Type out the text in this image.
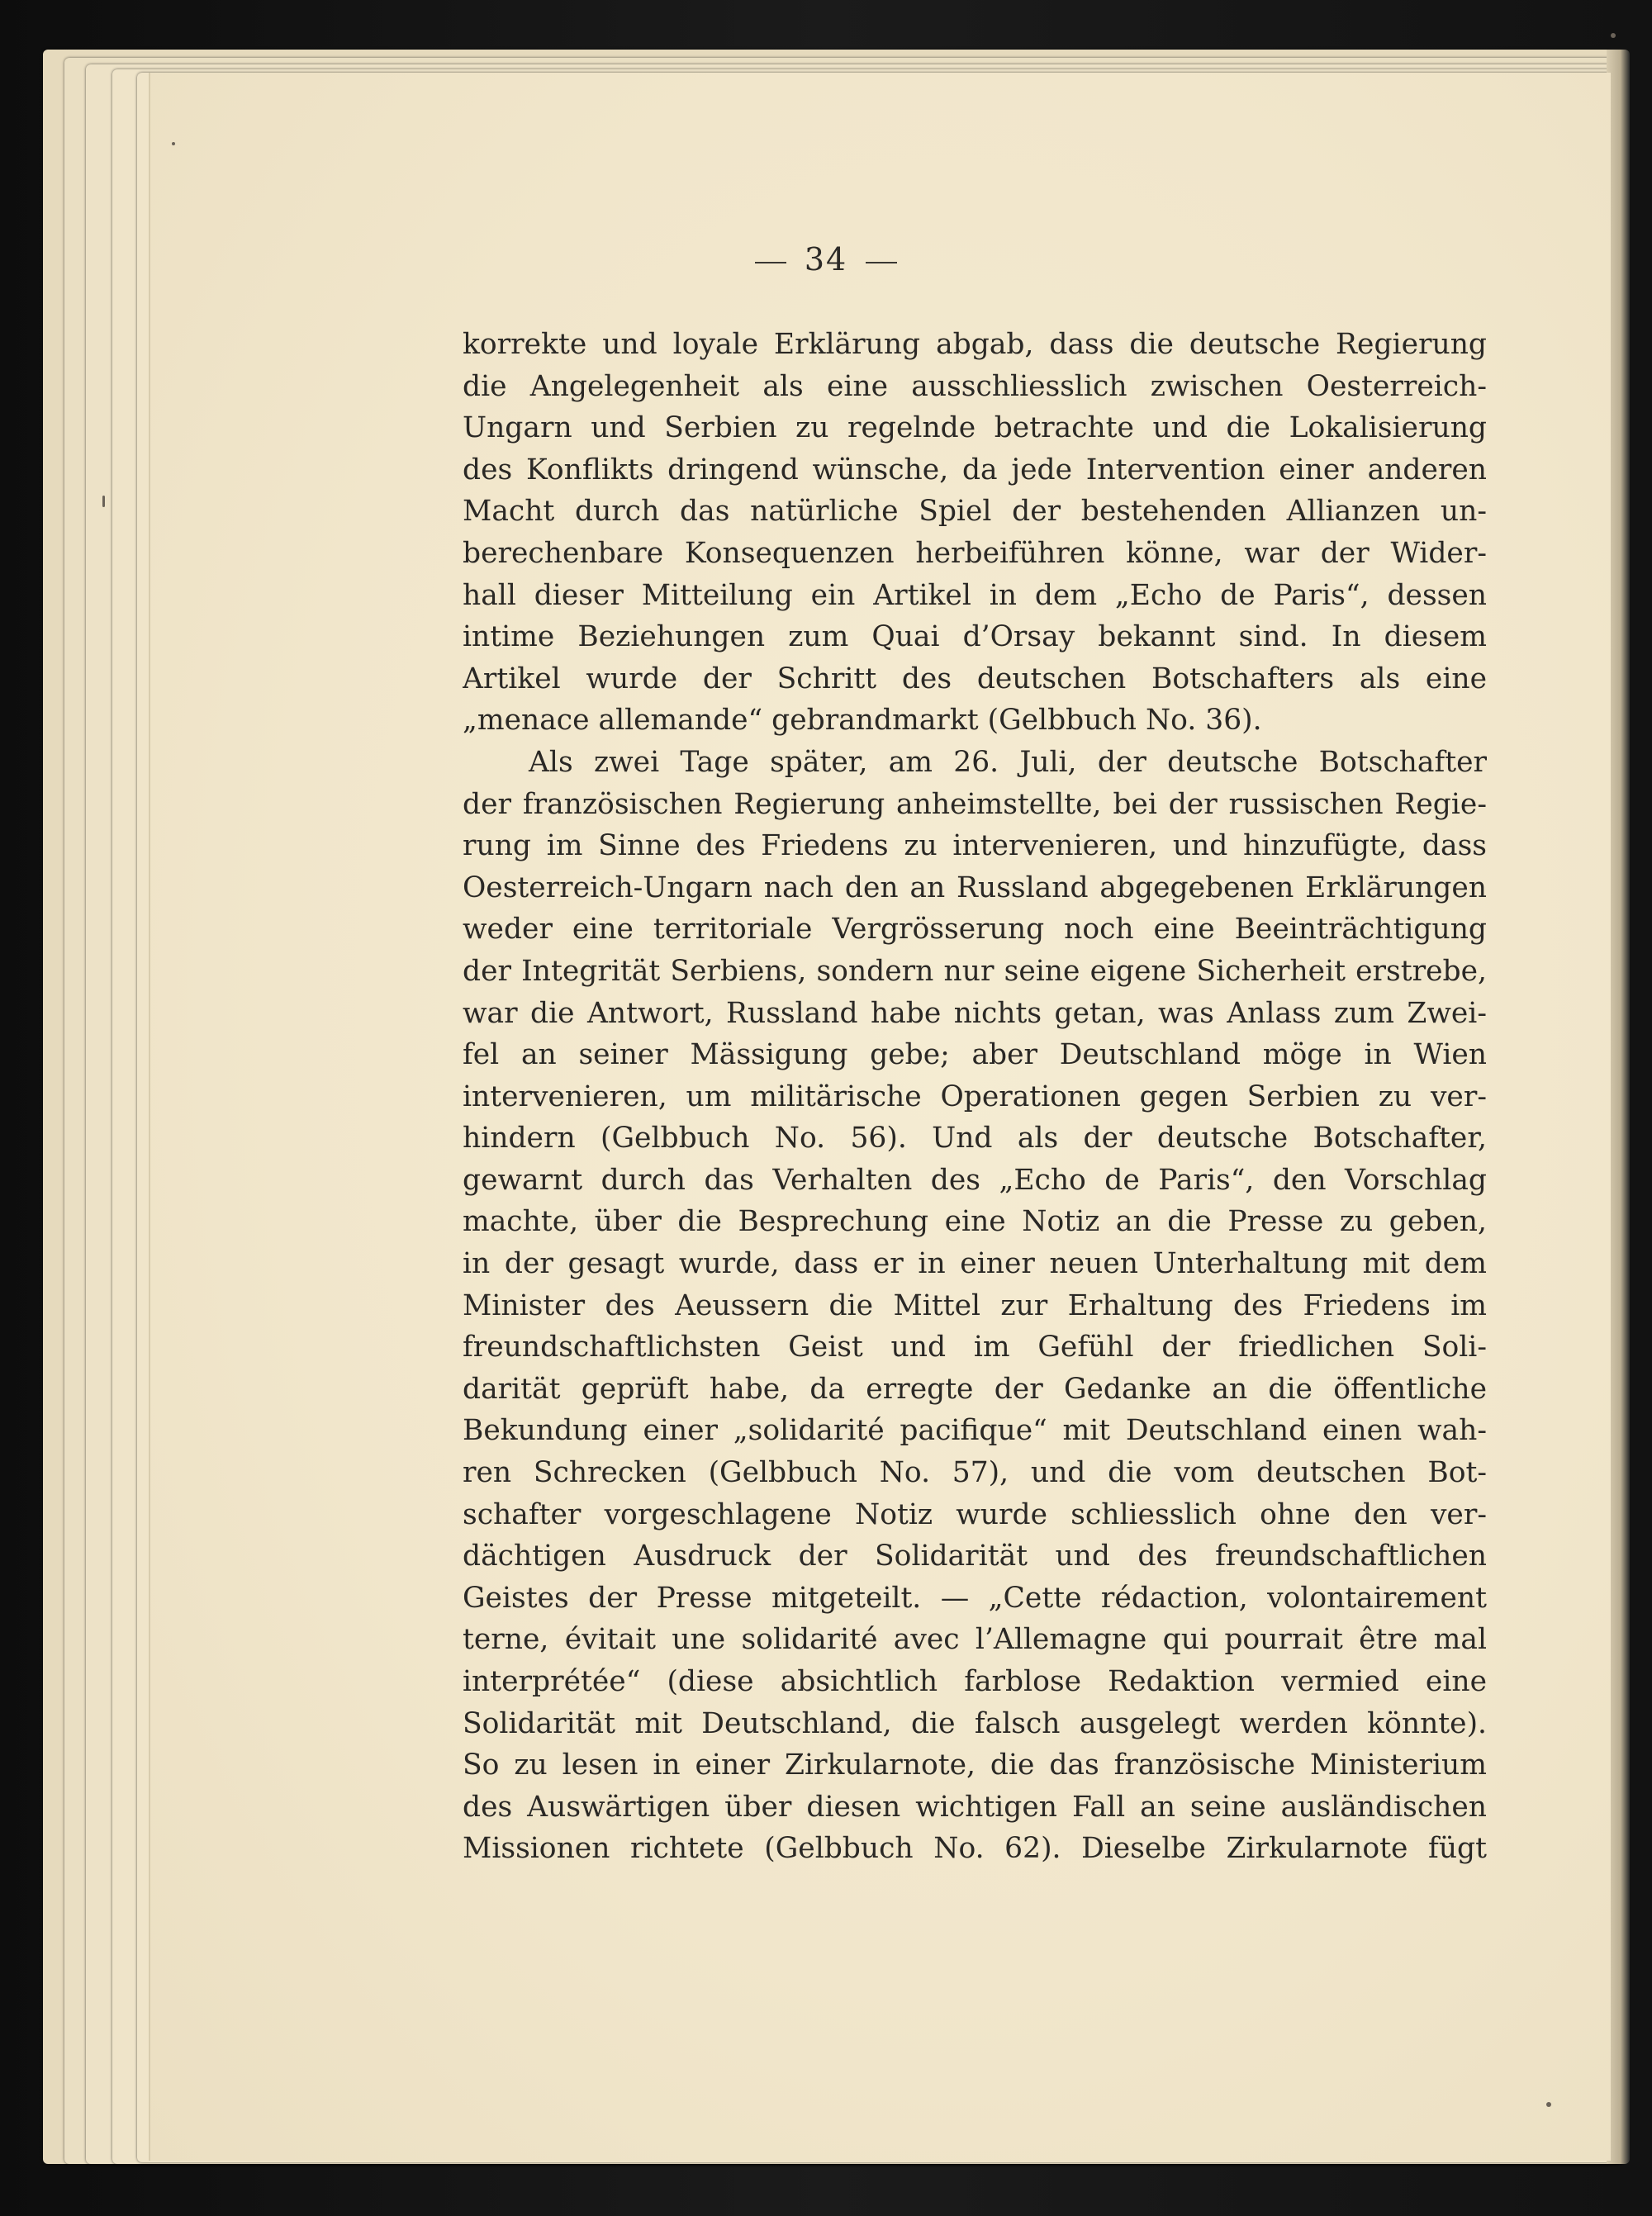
34
korrekte und loyale Erklärung abgab, dass die deutsche Regierung
die Angelegenheit als eine ausschliesslich zwischen Oesterreich-
Ungarn und Serbien zu regelnde betrachte und die Lokalisierung
des Konflikts dringend wünsche, da jede Intervention einer anderen
Macht durch das natürliche Spiel der bestehenden Allianzen un-
berechenbare Konsequenzen herbeiführen könne, war der Wider-
hall dieser Mitteilung ein Artikel in dem „Echo de Paris“, dessen
intime Beziehungen zum Quai d’Orsay bekannt sind. In diesem
Artikel wurde der Schritt des deutschen Botschafters als eine
„menace allemande“ gebrandmarkt (Gelbbuch No. 36).
Als zwei Tage später, am 26. Juli, der deutsche Botschafter
der französischen Regierung anheimstellte, bei der russischen Regie-
rung im Sinne des Friedens zu intervenieren, und hinzufügte, dass
Oesterreich-Ungarn nach den an Russland abgegebenen Erklärungen
weder eine territoriale Vergrösserung noch eine Beeinträchtigung
der Integrität Serbiens, sondern nur seine eigene Sicherheit erstrebe,
war die Antwort, Russland habe nichts getan, was Anlass zum Zwei-
fel an seiner Mässigung gebe; aber Deutschland möge in Wien
intervenieren, um militärische Operationen gegen Serbien zu ver-
hindern (Gelbbuch No. 56). Und als der deutsche Botschafter,
gewarnt durch das Verhalten des „Echo de Paris“, den Vorschlag
machte, über die Besprechung eine Notiz an die Presse zu geben,
in der gesagt wurde, dass er in einer neuen Unterhaltung mit dem
Minister des Aeussern die Mittel zur Erhaltung des Friedens im
freundschaftlichsten Geist und im Gefühl der friedlichen Soli-
darität geprüft habe, da erregte der Gedanke an die öffentliche
Bekundung einer „solidarité pacifique“ mit Deutschland einen wah-
ren Schrecken (Gelbbuch No. 57), und die vom deutschen Bot-
schafter vorgeschlagene Notiz wurde schliesslich ohne den ver-
dächtigen Ausdruck der Solidarität und des freundschaftlichen
Geistes der Presse mitgeteilt. — „Cette rédaction, volontairement
terne, évitait une solidarité avec l’Allemagne qui pourrait être mal
interprétée“ (diese absichtlich farblose Redaktion vermied eine
Solidarität mit Deutschland, die falsch ausgelegt werden könnte).
So zu lesen in einer Zirkularnote, die das französische Ministerium
des Auswärtigen über diesen wichtigen Fall an seine ausländischen
Missionen richtete (Gelbbuch No. 62). Dieselbe Zirkularnote fügt
